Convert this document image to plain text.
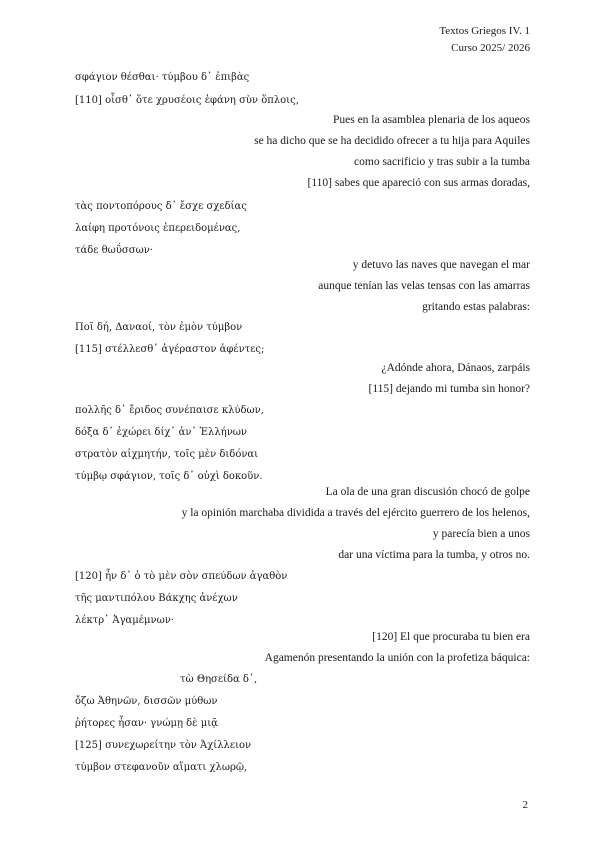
Textos Griegos IV. 1
Curso 2025/ 2026
σφάγιον θέσθαι· τύμβου δ᾽ ἐπιβὰς
[110] οἶσθ᾽ ὅτε χρυσέοις ἐφάνη σὺν ὅπλοις,
Pues en la asamblea plenaria de los aqueos
se ha dicho que se ha decidido ofrecer a tu hija para Aquiles
como sacrificio y tras subir a la tumba
[110] sabes que apareció con sus armas doradas,
τὰς ποντοπόρους δ᾽ ἔσχε σχεδίας
λαίφη προτόνοις ἐπερειδομένας,
τάδε θωΰσσων·
y detuvo las naves que navegan el mar
aunque tenían las velas tensas con las amarras
gritando estas palabras:
Ποῖ δή, Δαναοί, τὸν ἐμὸν τύμβον
[115] στέλλεσθ᾽ ἀγέραστον ἀφέντες;
¿Adónde ahora, Dánaos, zarpáis
[115] dejando mi tumba sin honor?
πολλῆς δ᾽ ἔριδος συνέπαισε κλύδων,
δόξα δ᾽ ἐχώρει δίχ᾽ ἀν᾽ Ἑλλήνων
στρατὸν αἰχμητήν, τοῖς μὲν διδόναι
τύμβῳ σφάγιον, τοῖς δ᾽ οὐχὶ δοκοῦν.
La ola de una gran discusión chocó de golpe
y la opinión marchaba dividida a través del ejército guerrero de los helenos,
y parecía bien a unos
dar una víctima para la tumba, y otros no.
[120] ἦν δ᾽ ὁ τὸ μὲν σὸν σπεύδων ἀγαθὸν
τῆς μαντιπόλου Βάκχης ἀνέχων
λέκτρ᾽ Ἀγαμέμνων·
[120] El que procuraba tu bien era
Agamenón presentando la unión con la profetiza báquica:
τὼ Θησείδα δ᾽,
ὄζω Ἀθηνῶν, δισσῶν μύθων
ῥήτορες ἦσαν· γνώμῃ δὲ μιᾷ
[125] συνεχωρείτην τὸν Ἀχίλλειον
τύμβον στεφανοῦν αἵματι χλωρῷ,
2
